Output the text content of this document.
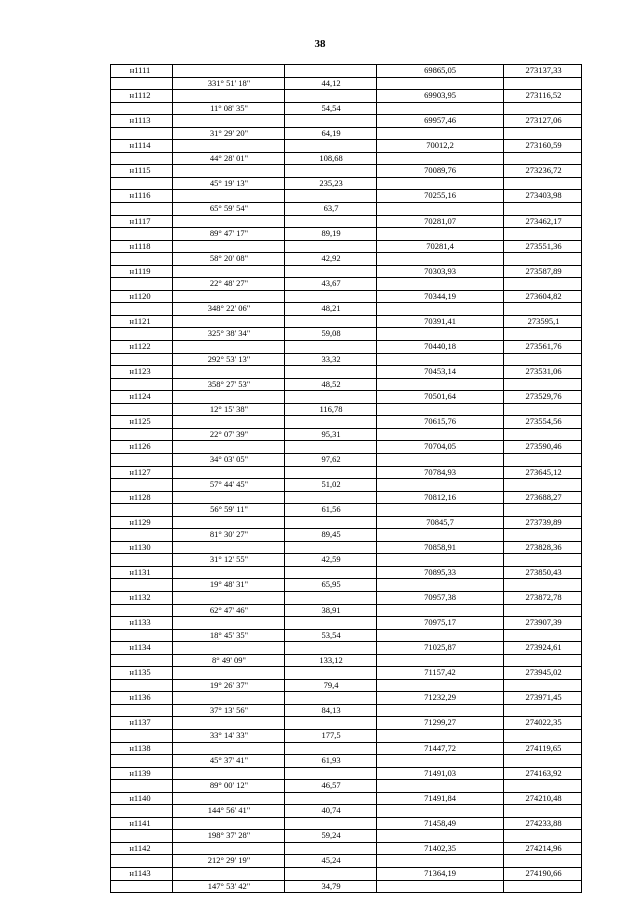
38
н1111	69865,05	273137,33
331° 51' 18"	44,12
н1112	69903,95	273116,52
11° 08' 35"	54,54
н1113	69957,46	273127,06
31° 29' 20"	64,19
н1114	70012,2	273160,59
44° 28' 01"	108,68
н1115	70089,76	273236,72
45° 19' 13"	235,23
н1116	70255,16	273403,98
65° 59' 54"	63,7
н1117	70281,07	273462,17
89° 47' 17"	89,19
н1118	70281,4	273551,36
58° 20' 08"	42,92
н1119	70303,93	273587,89
22° 48' 27"	43,67
н1120	70344,19	273604,82
348° 22' 06"	48,21
н1121	70391,41	273595,1
325° 38' 34"	59,08
н1122	70440,18	273561,76
292° 53' 13"	33,32
н1123	70453,14	273531,06
358° 27' 53"	48,52
н1124	70501,64	273529,76
12° 15' 38"	116,78
н1125	70615,76	273554,56
22° 07' 39"	95,31
н1126	70704,05	273590,46
34° 03' 05"	97,62
н1127	70784,93	273645,12
57° 44' 45"	51,02
н1128	70812,16	273688,27
56° 59' 11"	61,56
н1129	70845,7	273739,89
81° 30' 27"	89,45
н1130	70858,91	273828,36
31° 12' 55"	42,59
н1131	70895,33	273850,43
19° 48' 31"	65,95
н1132	70957,38	273872,78
62° 47' 46"	38,91
н1133	70975,17	273907,39
18° 45' 35"	53,54
н1134	71025,87	273924,61
8° 49' 09"	133,12
н1135	71157,42	273945,02
19° 26' 37"	79,4
н1136	71232,29	273971,45
37° 13' 56"	84,13
н1137	71299,27	274022,35
33° 14' 33"	177,5
н1138	71447,72	274119,65
45° 37' 41"	61,93
н1139	71491,03	274163,92
89° 00' 12"	46,57
н1140	71491,84	274210,48
144° 56' 41"	40,74
н1141	71458,49	274233,88
198° 37' 28"	59,24
н1142	71402,35	274214,96
212° 29' 19"	45,24
н1143	71364,19	274190,66
147° 53' 42"	34,79
